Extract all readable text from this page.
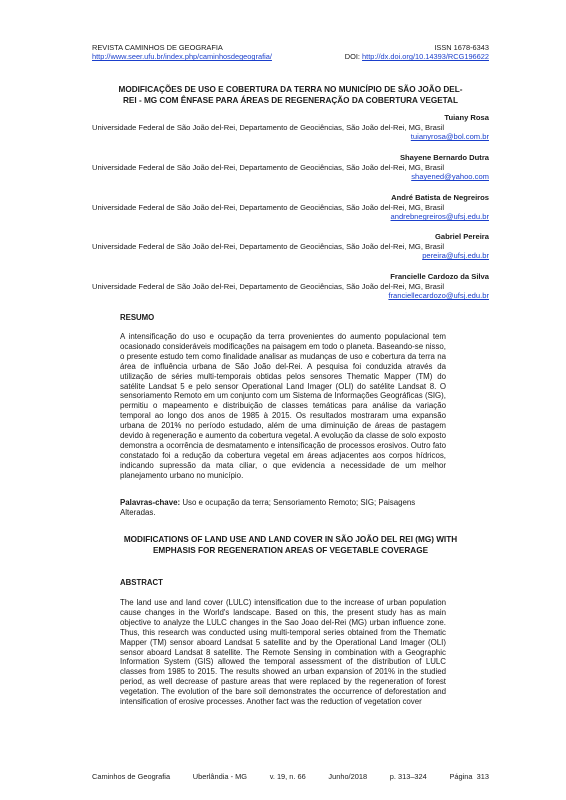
REVISTA CAMINHOS DE GEOGRAFIA	ISSN 1678-6343
http://www.seer.ufu.br/index.php/caminhosdegeografia/	DOI: http://dx.doi.org/10.14393/RCG196622
MODIFICAÇÕES DE USO E COBERTURA DA TERRA NO MUNICÍPIO DE SÃO JOÃO DEL-
REI - MG COM ÊNFASE PARA ÁREAS DE REGENERAÇÃO DA COBERTURA VEGETAL
Tuiany Rosa
Universidade Federal de São João del-Rei, Departamento de Geociências, São João del-Rei, MG, Brasil
tuianyrosa@bol.com.br
Shayene Bernardo Dutra
Universidade Federal de São João del-Rei, Departamento de Geociências, São João del-Rei, MG, Brasil
shayened@yahoo.com
André Batista de Negreiros
Universidade Federal de São João del-Rei, Departamento de Geociências, São João del-Rei, MG, Brasil
andrebnegreiros@ufsj.edu.br
Gabriel Pereira
Universidade Federal de São João del-Rei, Departamento de Geociências, São João del-Rei, MG, Brasil
pereira@ufsj.edu.br
Francielle Cardozo da Silva
Universidade Federal de São João del-Rei, Departamento de Geociências, São João del-Rei, MG, Brasil
franciellecardozo@ufsj.edu.br
RESUMO
A intensificação do uso e ocupação da terra provenientes do aumento populacional tem ocasionado consideráveis modificações na paisagem em todo o planeta. Baseando-se nisso, o presente estudo tem como finalidade analisar as mudanças de uso e cobertura da terra na área de influência urbana de São João del-Rei. A pesquisa foi conduzida através da utilização de séries multi-temporais obtidas pelos sensores Thematic Mapper (TM) do satélite Landsat 5 e pelo sensor Operational Land Imager (OLI) do satélite Landsat 8. O sensoriamento Remoto em um conjunto com um Sistema de Informações Geográficas (SIG), permitiu o mapeamento e distribuição de classes temáticas para análise da variação temporal ao longo dos anos de 1985 à 2015. Os resultados mostraram uma expansão urbana de 201% no período estudado, além de uma diminuição de áreas de pastagem devido à regeneração e aumento da cobertura vegetal. A evolução da classe de solo exposto demonstra a ocorrência de desmatamento e intensificação de processos erosivos. Outro fato constatado foi a redução da cobertura vegetal em áreas adjacentes aos corpos hídricos, indicando supressão da mata ciliar, o que evidencia a necessidade de um melhor planejamento urbano no município.
Palavras-chave: Uso e ocupação da terra; Sensoriamento Remoto; SIG; Paisagens Alteradas.
MODIFICATIONS OF LAND USE AND LAND COVER IN SÃO JOÃO DEL REI (MG) WITH
EMPHASIS FOR REGENERATION AREAS OF VEGETABLE COVERAGE
ABSTRACT
The land use and land cover (LULC) intensification due to the increase of urban population cause changes in the World's landscape. Based on this, the present study has as main objective to analyze the LULC changes in the Sao Joao del-Rei (MG) urban influence zone. Thus, this research was conducted using multi-temporal series obtained from the Thematic Mapper (TM) sensor aboard Landsat 5 satellite and by the Operational Land Imager (OLI) sensor aboard Landsat 8 satellite. The Remote Sensing in combination with a Geographic Information System (GIS) allowed the temporal assessment of the distribution of LULC classes from 1985 to 2015. The results showed an urban expansion of 201% in the studied period, as well decrease of pasture areas that were replaced by the regeneration of forest vegetation. The evolution of the bare soil demonstrates the occurrence of deforestation and intensification of erosive processes. Another fact was the reduction of vegetation cover
Caminhos de Geografia	Uberlândia - MG	v. 19, n. 66	Junho/2018	p. 313–324	Página 313
